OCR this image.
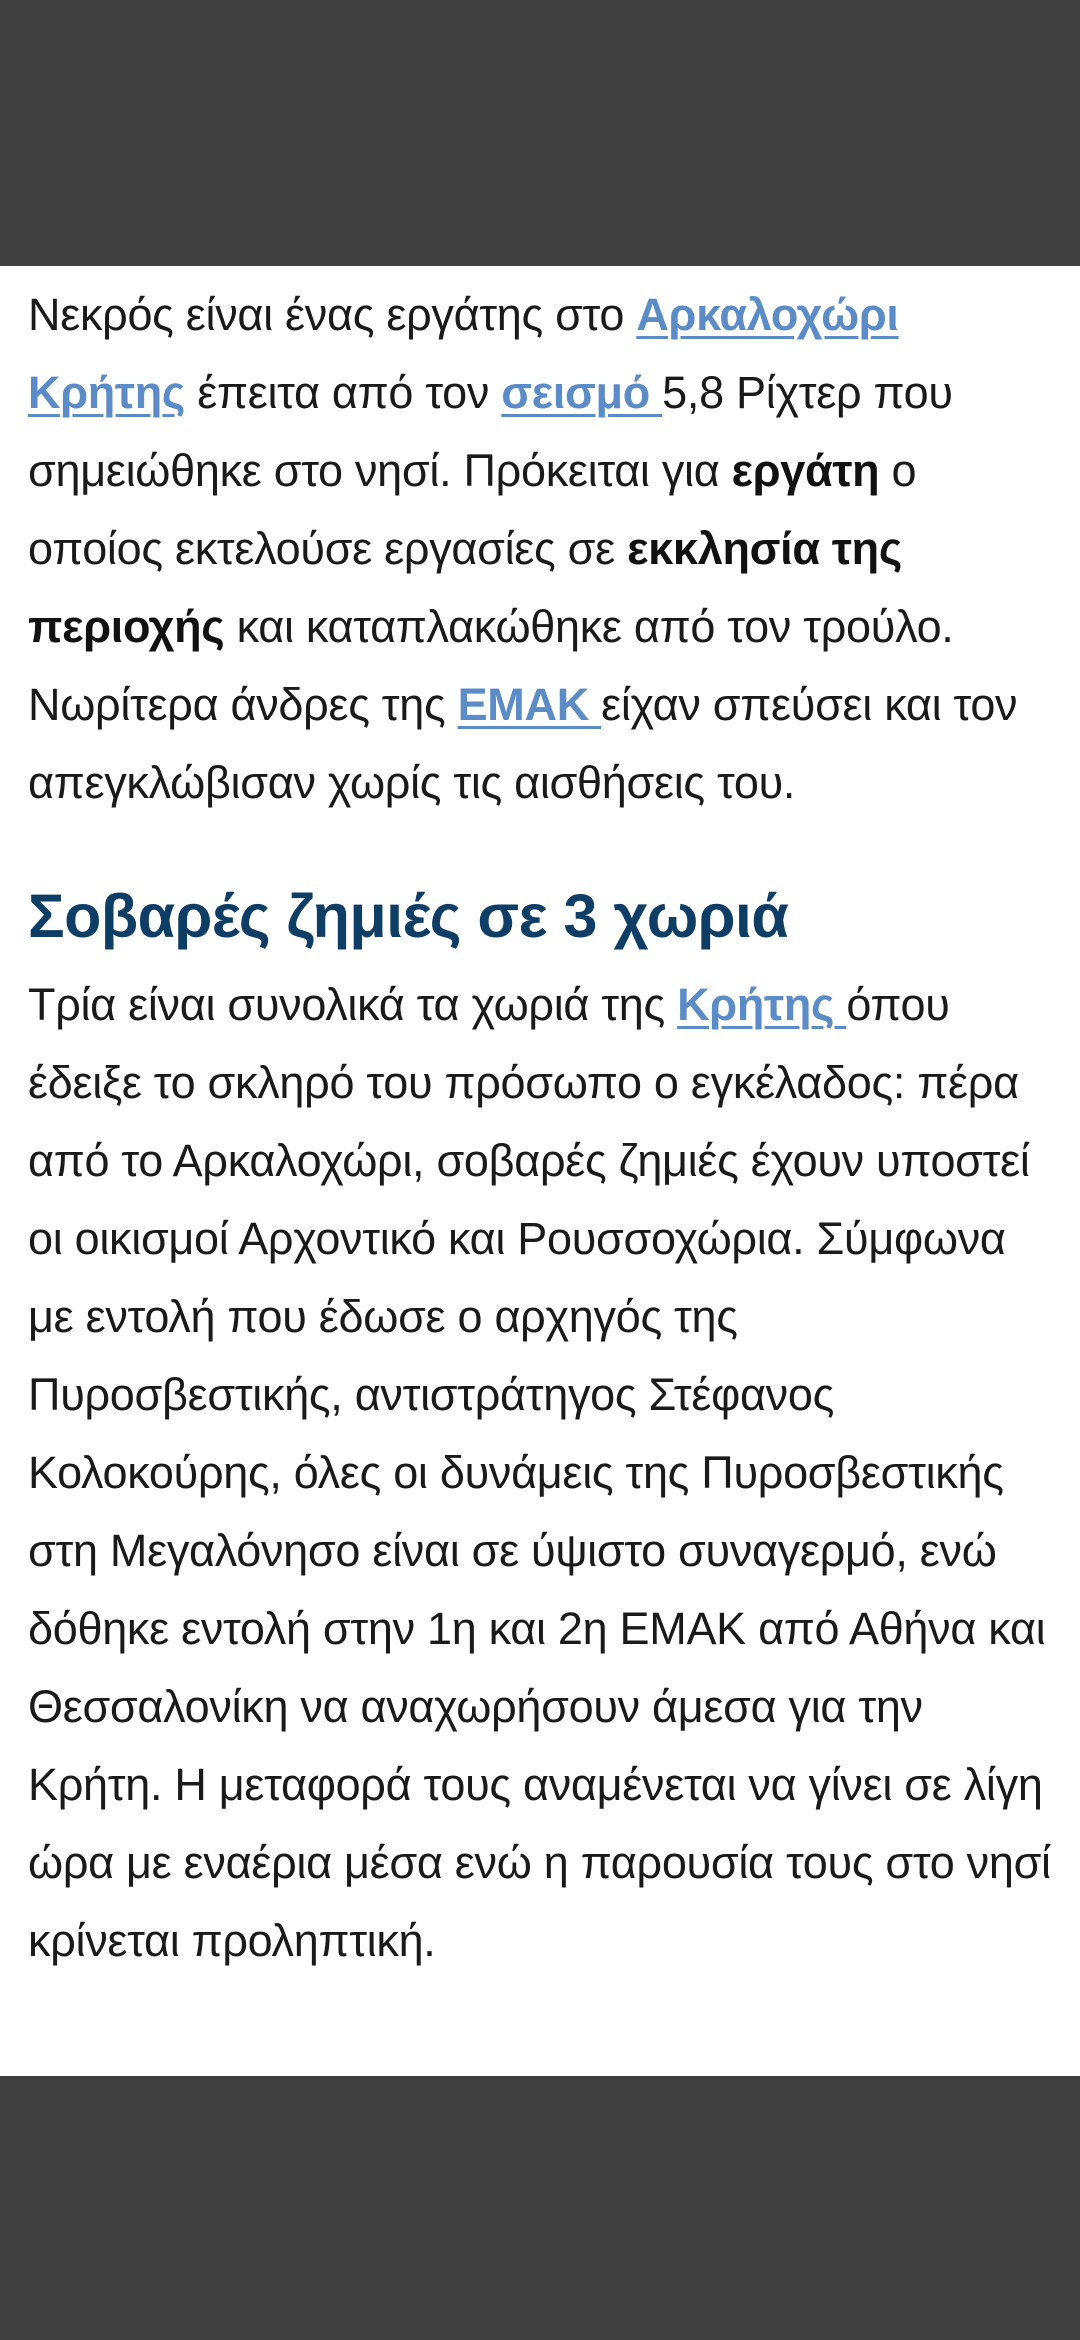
Νεκρός είναι ένας εργάτης στο Αρκαλοχώρι Κρήτης έπειτα από τον σεισμό 5,8 Ρίχτερ που σημειώθηκε στο νησί. Πρόκειται για εργάτη ο οποίος εκτελούσε εργασίες σε εκκλησία της περιοχής και καταπλακώθηκε από τον τρούλο. Νωρίτερα άνδρες της ΕΜΑΚ είχαν σπεύσει και τον απεγκλώβισαν χωρίς τις αισθήσεις του.

Σοβαρές ζημιές σε 3 χωριά

Τρία είναι συνολικά τα χωριά της Κρήτης όπου έδειξε το σκληρό του πρόσωπο ο εγκέλαδος: πέρα από το Αρκαλοχώρι, σοβαρές ζημιές έχουν υποστεί οι οικισμοί Αρχοντικό και Ρουσσοχώρια. Σύμφωνα με εντολή που έδωσε ο αρχηγός της Πυροσβεστικής, αντιστράτηγος Στέφανος Κολοκούρης, όλες οι δυνάμεις της Πυροσβεστικής στη Μεγαλόνησο είναι σε ύψιστο συναγερμό, ενώ δόθηκε εντολή στην 1η και 2η ΕΜΑΚ από Αθήνα και Θεσσαλονίκη να αναχωρήσουν άμεσα για την Κρήτη. Η μεταφορά τους αναμένεται να γίνει σε λίγη ώρα με εναέρια μέσα ενώ η παρουσία τους στο νησί κρίνεται προληπτική.
